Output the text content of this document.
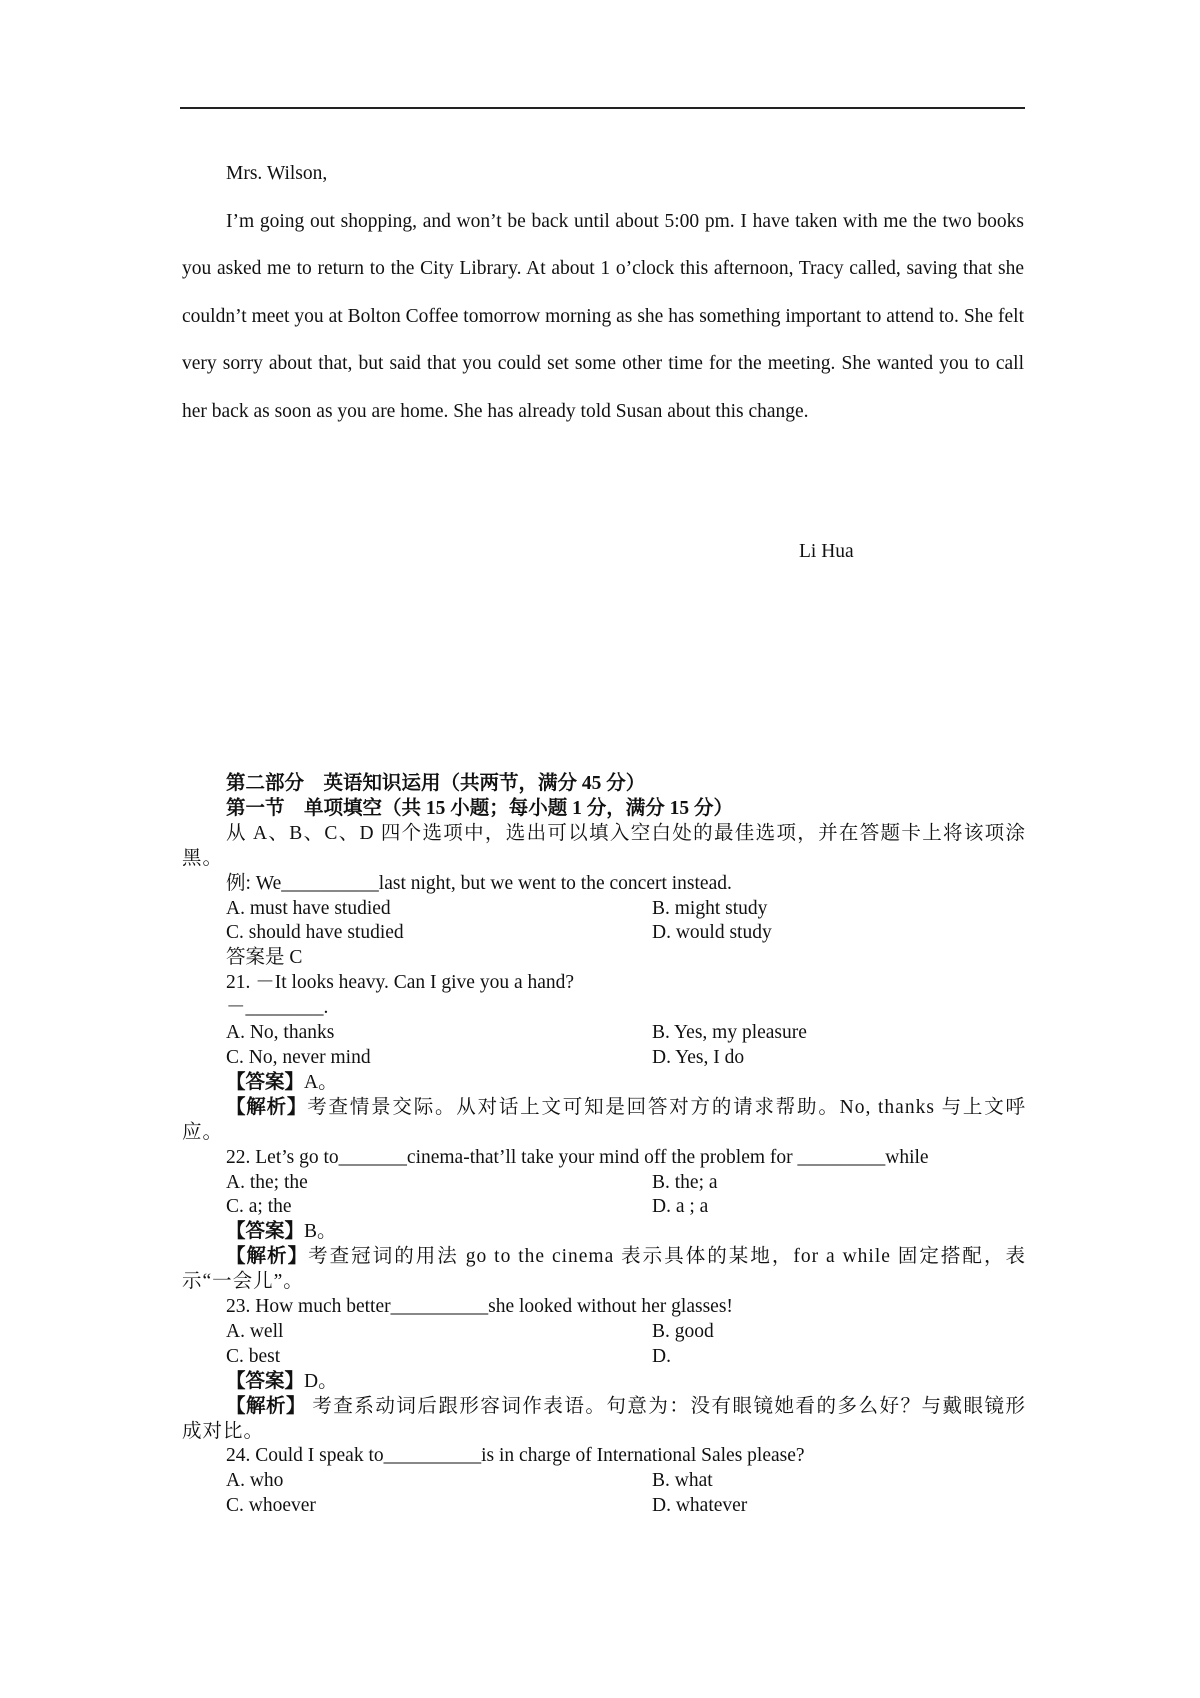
Mrs. Wilson,

I’m going out shopping, and won’t be back until about 5:00 pm. I have taken with me the two books you asked me to return to the City Library. At about 1 o’clock this afternoon, Tracy called, saving that she couldn’t meet you at Bolton Coffee tomorrow morning as she has something important to attend to. She felt very sorry about that, but said that you could set some other time for the meeting. She wanted you to call her back as soon as you are home. She has already told Susan about this change.

Li Hua
第二部分　英语知识运用（共两节，满分 45 分）
第一节　单项填空（共 15 小题；每小题 1 分，满分 15 分）
从 A、B、C、D 四个选项中，选出可以填入空白处的最佳选项，并在答题卡上将该项涂黑。
例: We__________last night, but we went to the concert instead.
A. must have studied	B. might study
C. should have studied	D. would study
答案是 C
21. －It looks heavy. Can I give you a hand?
－________.
A. No, thanks	B. Yes, my pleasure
C. No, never mind	D. Yes, I do
【答案】A。
【解析】考查情景交际。从对话上文可知是回答对方的请求帮助。No, thanks 与上文呼应。
22. Let’s go to_______cinema-that’ll take your mind off the problem for _________while
A. the; the	B. the; a
C. a; the	D. a ; a
【答案】B。
【解析】考查冠词的用法 go to the cinema 表示具体的某地，for a while 固定搭配，表示“一会儿”。
23. How much better__________she looked without her glasses!
A. well	B. good
C. best	D.
【答案】D。
【解析】 考查系动词后跟形容词作表语。句意为：没有眼镜她看的多么好？与戴眼镜形成对比。
24. Could I speak to__________is in charge of International Sales please?
A. who	B. what
C. whoever	D. whatever
